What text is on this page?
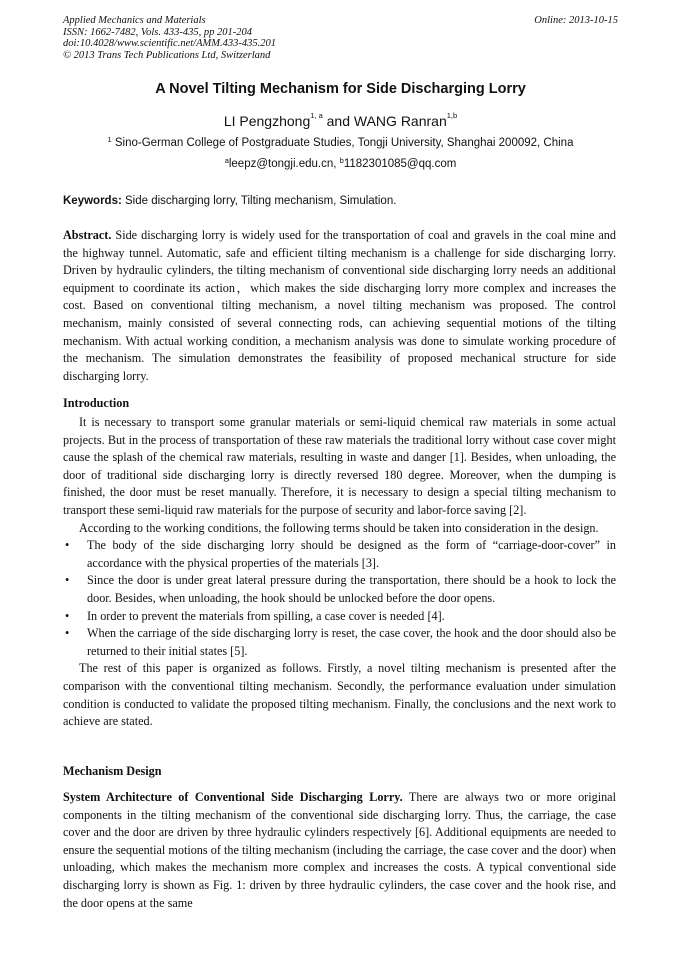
Applied Mechanics and Materials
ISSN: 1662-7482, Vols. 433-435, pp 201-204
doi:10.4028/www.scientific.net/AMM.433-435.201
© 2013 Trans Tech Publications Ltd, Switzerland
Online: 2013-10-15
A Novel Tilting Mechanism for Side Discharging Lorry
LI Pengzhong$^{1, a}$ and WANG Ranran$^{1,b}$
$^1$ Sino-German College of Postgraduate Studies, Tongji University, Shanghai 200092, China
$^a$leepz@tongji.edu.cn, $^b$1182301085@qq.com
Keywords: Side discharging lorry, Tilting mechanism, Simulation.

Abstract. Side discharging lorry is widely used for the transportation of coal and gravels in the coal mine and the highway tunnel. Automatic, safe and efficient tilting mechanism is a challenge for side discharging lorry. Driven by hydraulic cylinders, the tilting mechanism of conventional side discharging lorry needs an additional equipment to coordinate its action，which makes the side discharging lorry more complex and increases the cost. Based on conventional tilting mechanism, a novel tilting mechanism was proposed. The control mechanism, mainly consisted of several connecting rods, can achieving sequential motions of the tilting mechanism. With actual working condition, a mechanism analysis was done to simulate working procedure of the mechanism. The simulation demonstrates the feasibility of proposed mechanical structure for side discharging lorry.

Introduction

It is necessary to transport some granular materials or semi-liquid chemical raw materials in some actual projects. But in the process of transportation of these raw materials the traditional lorry without case cover might cause the splash of the chemical raw materials, resulting in waste and danger [1]. Besides, when unloading, the door of traditional side discharging lorry is directly reversed 180 degree. Moreover, when the dumping is finished, the door must be reset manually. Therefore, it is necessary to design a special tilting mechanism to transport these semi-liquid raw materials for the purpose of security and labor-force saving [2].

According to the working conditions, the following terms should be taken into consideration in the design.

• The body of the side discharging lorry should be designed as the form of “carriage-door-cover” in accordance with the physical properties of the materials [3].
• Since the door is under great lateral pressure during the transportation, there should be a hook to lock the door. Besides, when unloading, the hook should be unlocked before the door opens.
• In order to prevent the materials from spilling, a case cover is needed [4].
• When the carriage of the side discharging lorry is reset, the case cover, the hook and the door should also be returned to their initial states [5].

The rest of this paper is organized as follows. Firstly, a novel tilting mechanism is presented after the comparison with the conventional tilting mechanism. Secondly, the performance evaluation under simulation condition is conducted to validate the proposed tilting mechanism. Finally, the conclusions and the next work to achieve are stated.

Mechanism Design

System Architecture of Conventional Side Discharging Lorry. There are always two or more original components in the tilting mechanism of the conventional side discharging lorry. Thus, the carriage, the case cover and the door are driven by three hydraulic cylinders respectively [6]. Additional equipments are needed to ensure the sequential motions of the tilting mechanism (including the carriage, the case cover and the door) when unloading, which makes the mechanism more complex and increases the costs. A typical conventional side discharging lorry is shown as Fig. 1: driven by three hydraulic cylinders, the case cover and the hook rise, and the door opens at the same
